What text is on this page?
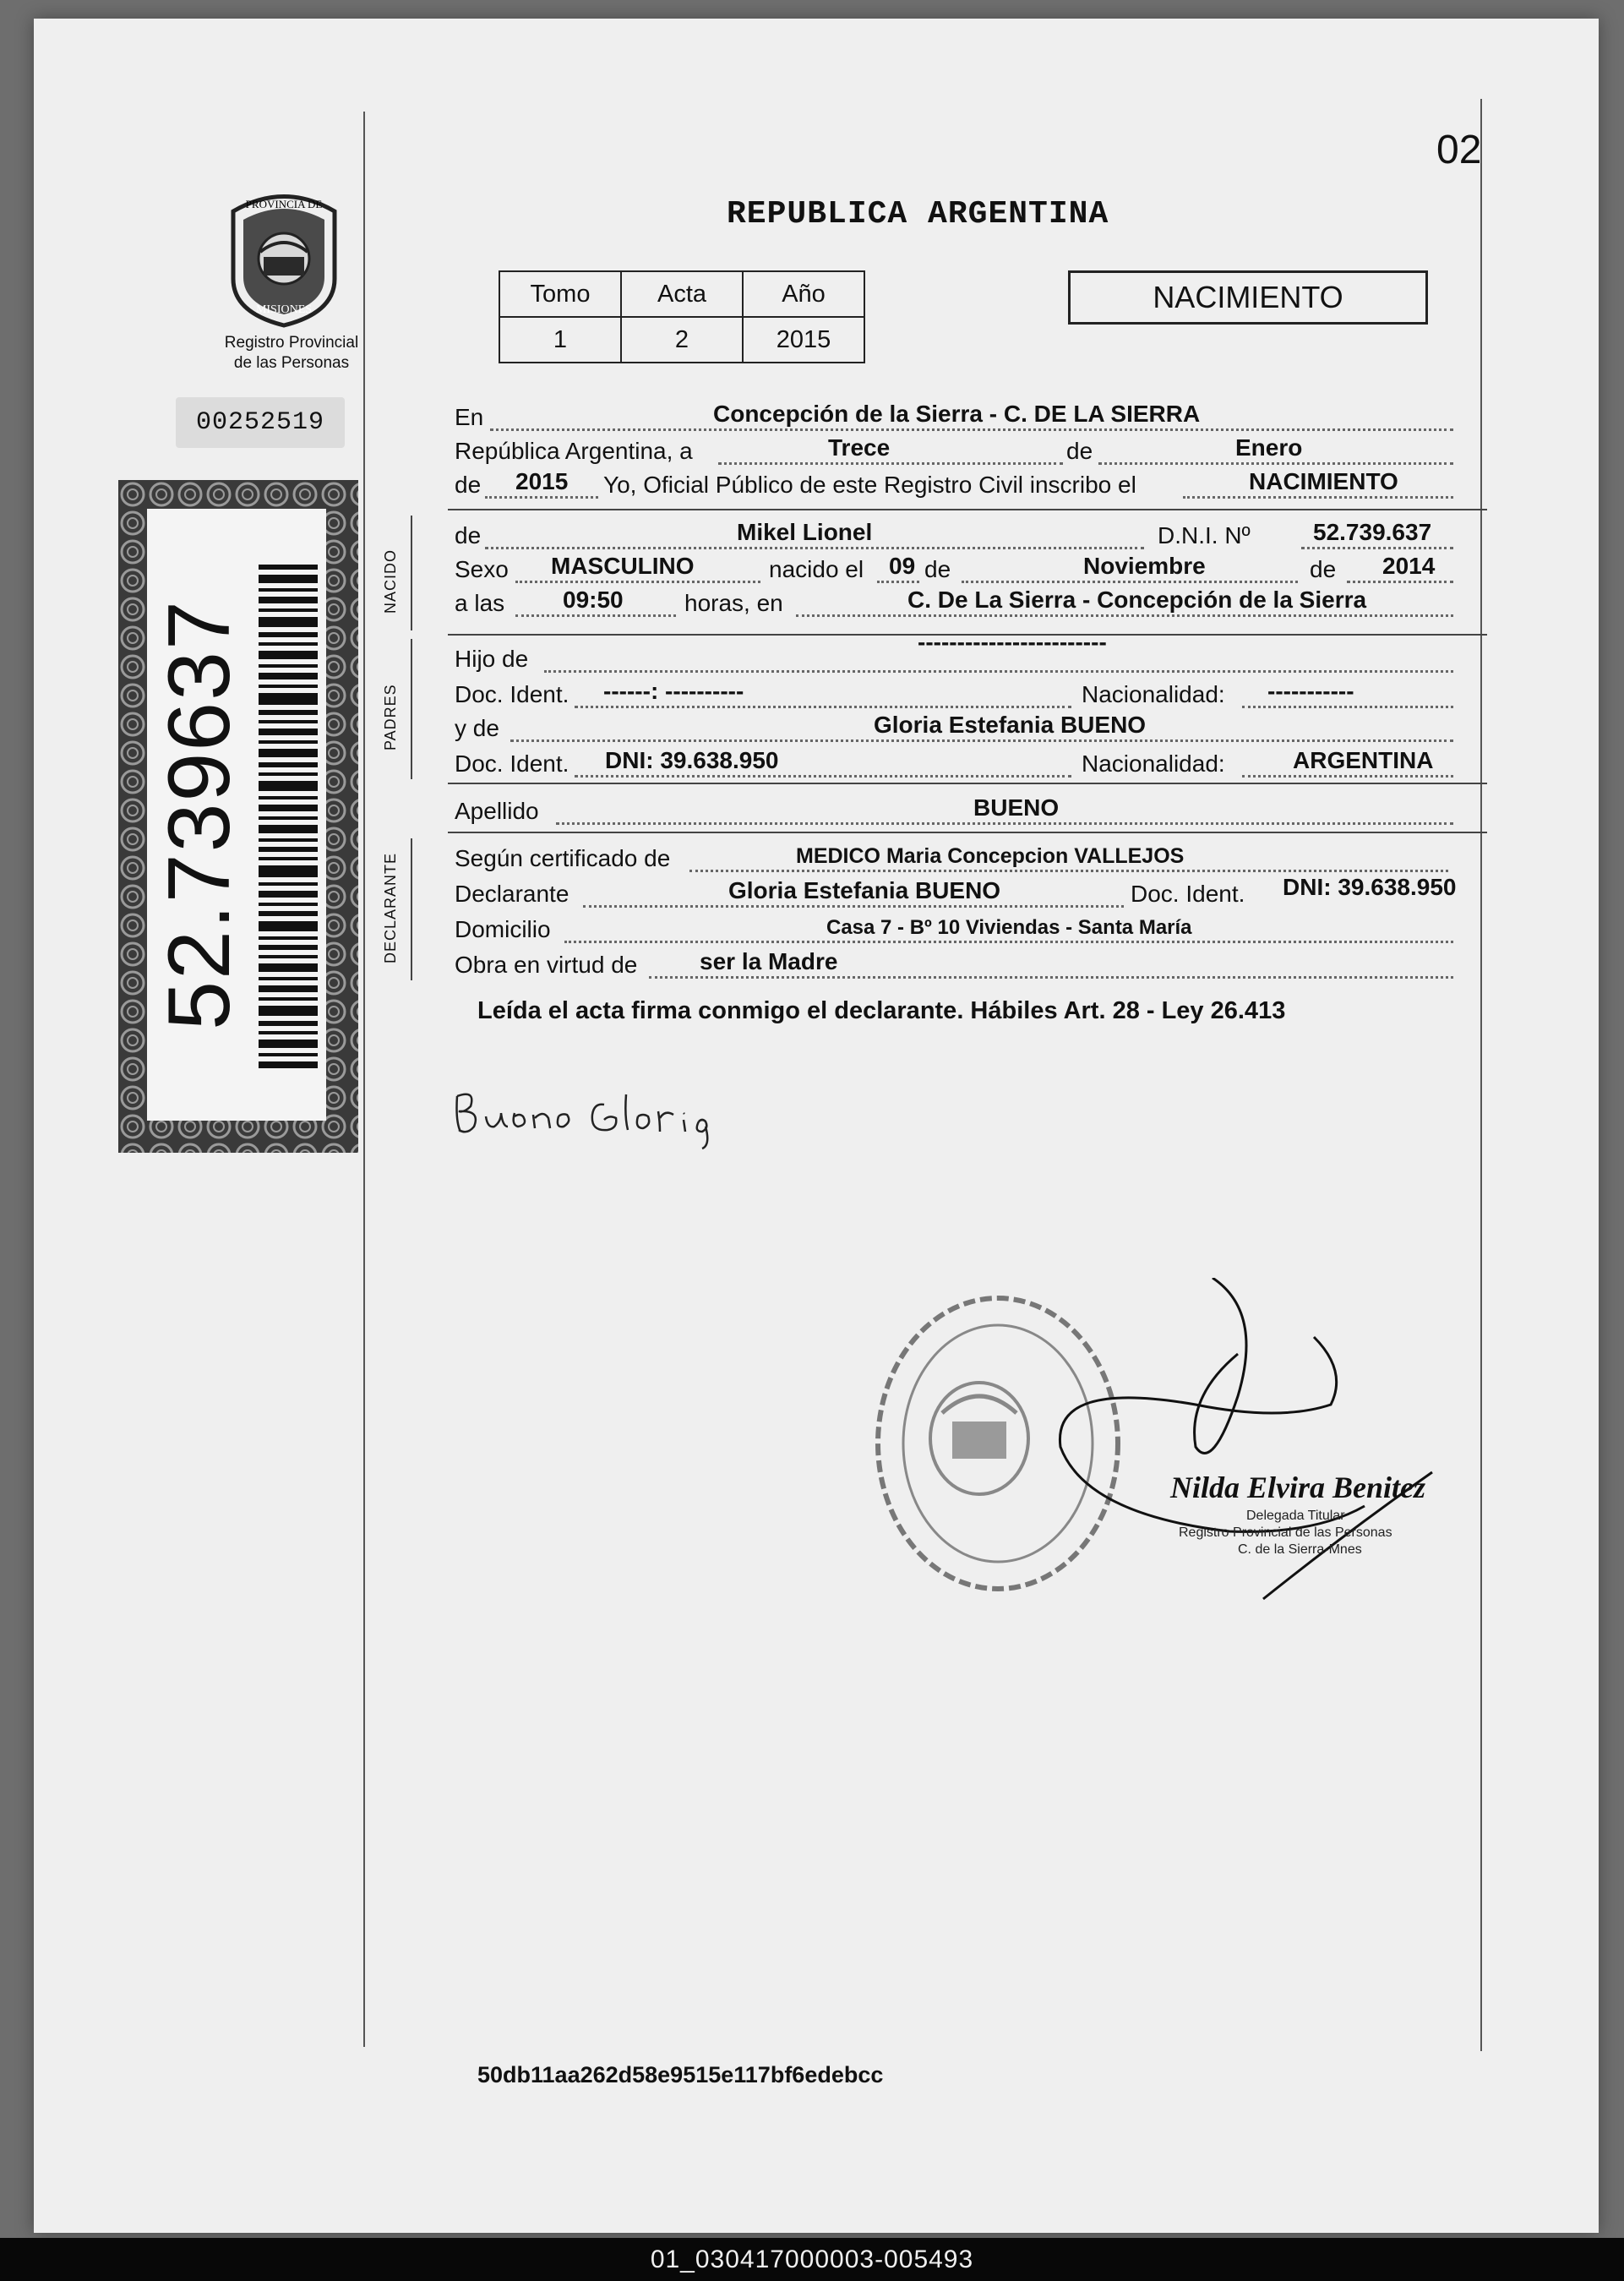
02
REPUBLICA ARGENTINA
PROVINCIA DE
MISIONES
Registro Provincial
de las Personas
00252519
52.739637
Tomo	Acta	Año
1	2	2015
NACIMIENTO
En	Concepción de la Sierra - C. DE LA SIERRA
República Argentina, a	Trece	de	Enero
de 2015 Yo, Oficial Público de este Registro Civil inscribo el	NACIMIENTO
NACIDO
de	Mikel Lionel	D.N.I. Nº	52.739.637
Sexo MASCULINO	nacido el 09 de	Noviembre	de 2014
a las 09:50	horas, en	C. De La Sierra - Concepción de la Sierra
PADRES
Hijo de
------------------------
Doc. Ident. ------: ----------	Nacionalidad: -----------
y de	Gloria Estefania BUENO
Doc. Ident. DNI: 39.638.950	Nacionalidad:	ARGENTINA
Apellido	BUENO
DECLARANTE Según certificado de	MEDICO Maria Concepcion VALLEJOS
Declarante	Gloria Estefania BUENO	Doc. Ident. DNI: 39.638.950
Domicilio	Casa 7 - Bº 10 Viviendas - Santa María
Obra en virtud de	ser la Madre
Leída el acta firma conmigo el declarante. Hábiles Art. 28 - Ley 26.413
Nilda Elvira Benitez
Delegada Titular
Registro Provincial de las Personas
C. de la Sierra-Mnes
50db11aa262d58e9515e117bf6edebcc
01_030417000003-005493
